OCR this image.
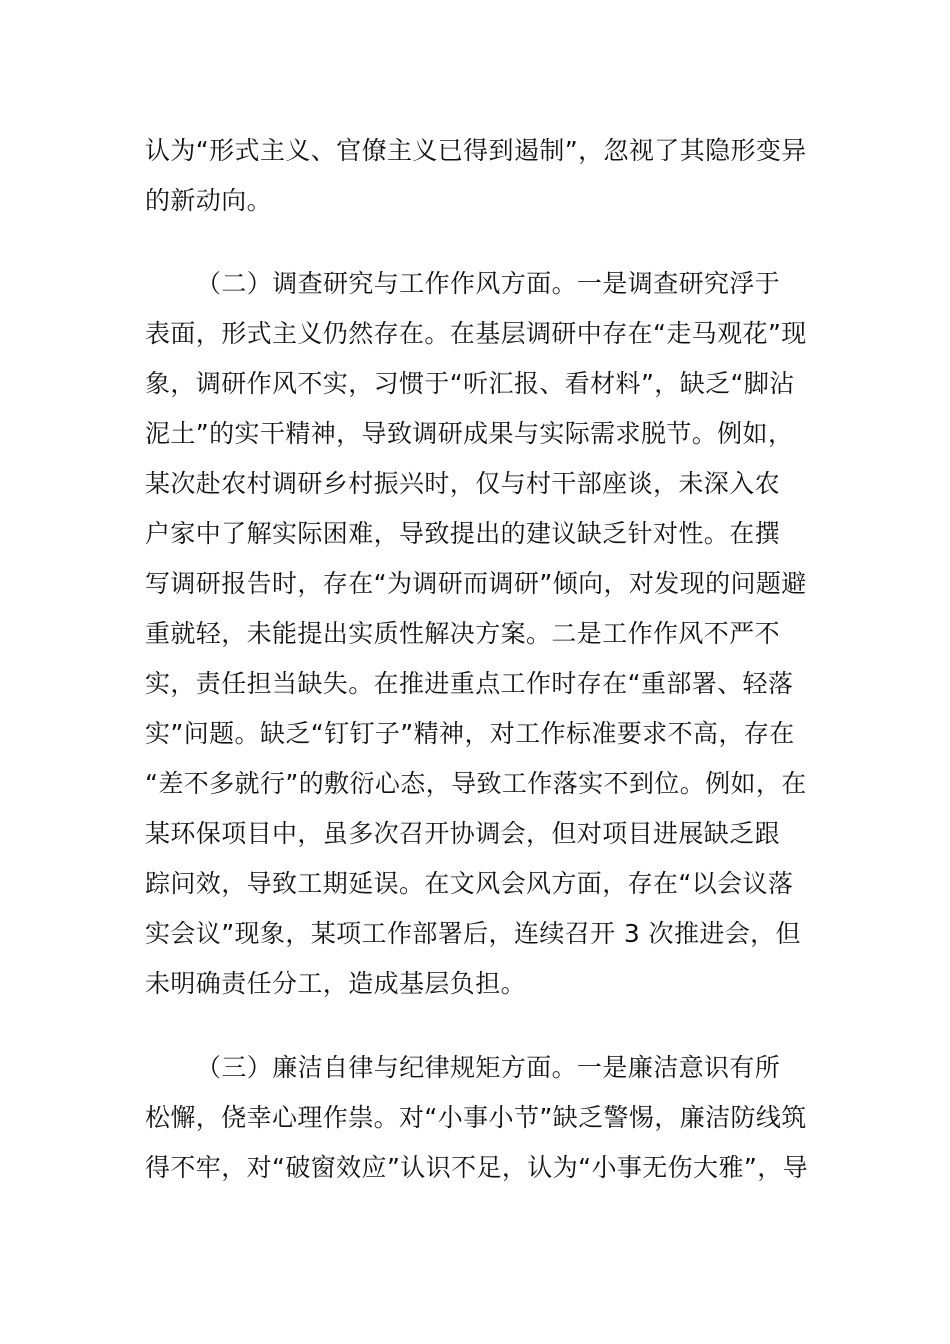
认为“形式主义、官僚主义已得到遏制”，忽视了其隐形变异
的新动向。
（二）调查研究与工作作风方面。一是调查研究浮于
表面，形式主义仍然存在。在基层调研中存在“走马观花”现
象，调研作风不实，习惯于“听汇报、看材料”，缺乏“脚沾
泥土”的实干精神，导致调研成果与实际需求脱节。例如，
某次赴农村调研乡村振兴时，仅与村干部座谈，未深入农
户家中了解实际困难，导致提出的建议缺乏针对性。在撰
写调研报告时，存在“为调研而调研”倾向，对发现的问题避
重就轻，未能提出实质性解决方案。二是工作作风不严不
实，责任担当缺失。在推进重点工作时存在“重部署、轻落
实”问题。缺乏“钉钉子”精神，对工作标准要求不高，存在
“差不多就行”的敷衍心态，导致工作落实不到位。例如，在
某环保项目中，虽多次召开协调会，但对项目进展缺乏跟
踪问效，导致工期延误。在文风会风方面，存在“以会议落
实会议”现象，某项工作部署后，连续召开 3 次推进会，但
未明确责任分工，造成基层负担。
（三）廉洁自律与纪律规矩方面。一是廉洁意识有所
松懈，侥幸心理作祟。对“小事小节”缺乏警惕，廉洁防线筑
得不牢，对“破窗效应”认识不足，认为“小事无伤大雅”，导
